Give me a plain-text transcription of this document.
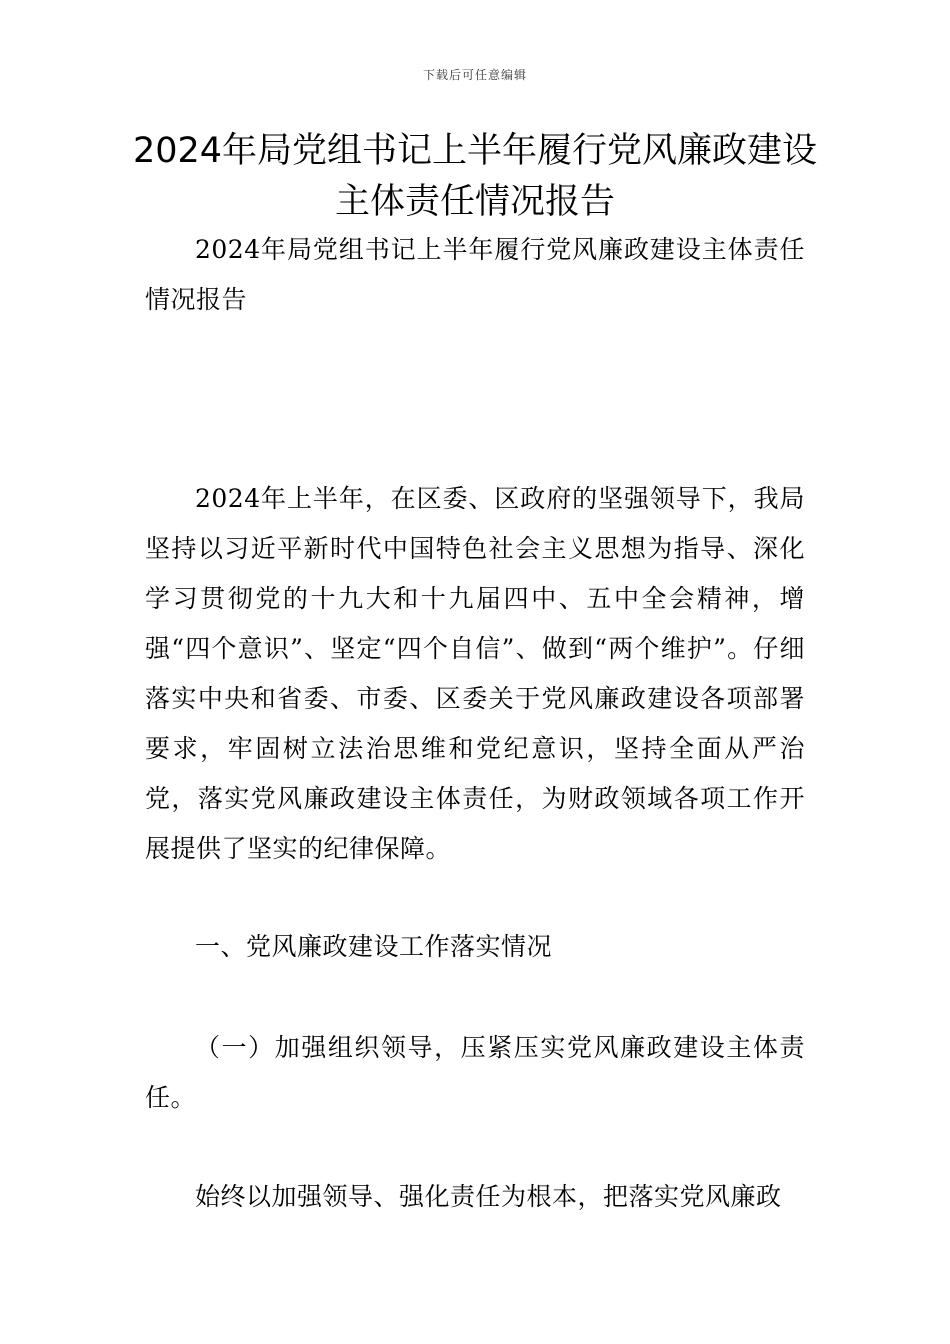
下载后可任意编辑
2024年局党组书记上半年履行党风廉政建设主体责任情况报告

2024年局党组书记上半年履行党风廉政建设主体责任情况报告

2024年上半年，在区委、区政府的坚强领导下，我局坚持以习近平新时代中国特色社会主义思想为指导、深化学习贯彻党的十九大和十九届四中、五中全会精神，增强“四个意识”、坚定“四个自信”、做到“两个维护”。仔细落实中央和省委、市委、区委关于党风廉政建设各项部署要求，牢固树立法治思维和党纪意识，坚持全面从严治党，落实党风廉政建设主体责任，为财政领域各项工作开展提供了坚实的纪律保障。

一、党风廉政建设工作落实情况

（一）加强组织领导，压紧压实党风廉政建设主体责任。

始终以加强领导、强化责任为根本，把落实党风廉政
